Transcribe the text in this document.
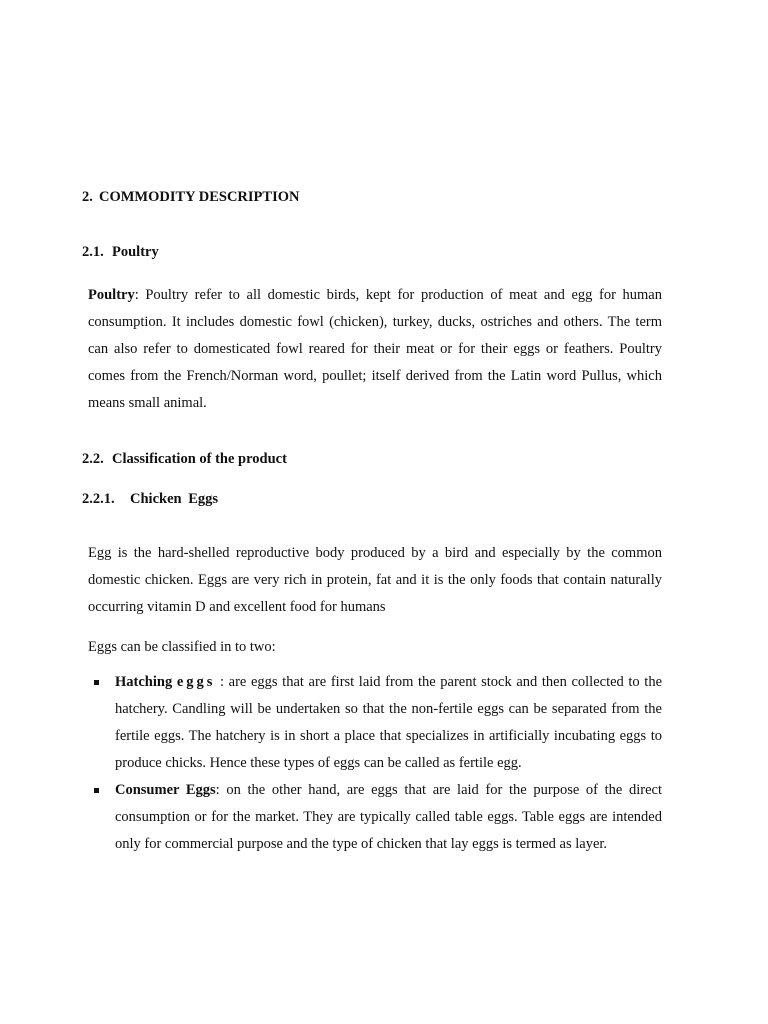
2. COMMODITY DESCRIPTION
2.1. Poultry

Poultry: Poultry refer to all domestic birds, kept for production of meat and egg for human consumption. It includes domestic fowl (chicken), turkey, ducks, ostriches and others. The term can also refer to domesticated fowl reared for their meat or for their eggs or feathers. Poultry comes from the French/Norman word, poullet; itself derived from the Latin word Pullus, which means small animal.

2.2. Classification of the product
2.2.1. Chicken Eggs

Egg is the hard-shelled reproductive body produced by a bird and especially by the common domestic chicken. Eggs are very rich in protein, fat and it is the only foods that contain naturally occurring vitamin D and excellent food for humans

Eggs can be classified in to two:

Hatching eggs : are eggs that are first laid from the parent stock and then collected to the hatchery. Candling will be undertaken so that the non-fertile eggs can be separated from the fertile eggs. The hatchery is in short a place that specializes in artificially incubating eggs to produce chicks. Hence these types of eggs can be called as fertile egg.
Consumer Eggs: on the other hand, are eggs that are laid for the purpose of the direct consumption or for the market. They are typically called table eggs. Table eggs are intended only for commercial purpose and the type of chicken that lay eggs is termed as layer.
